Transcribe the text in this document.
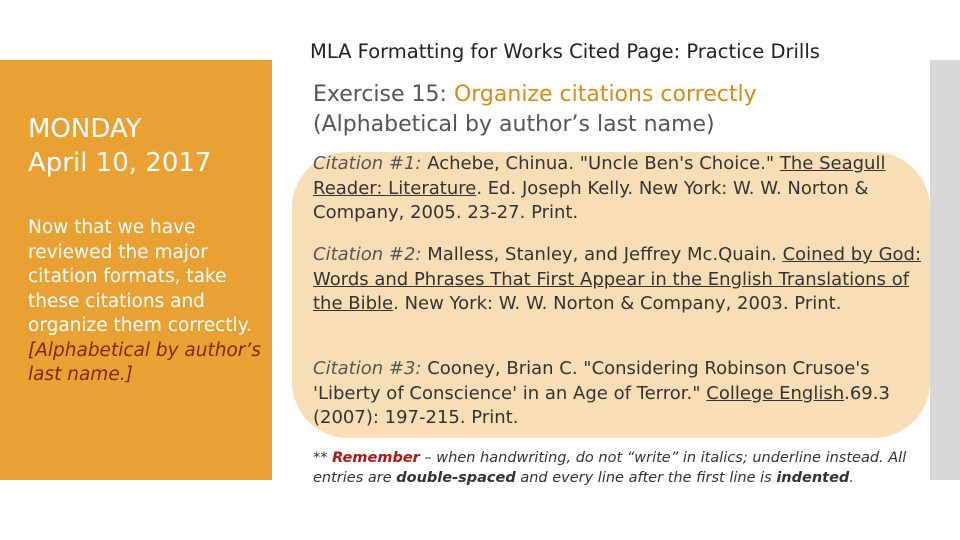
MLA Formatting for Works Cited Page: Practice Drills
MONDAY
April 10, 2017
Now that we have reviewed the major citation formats, take these citations and organize them correctly.
[Alphabetical by author’s last name.]
Exercise 15: Organize citations correctly
(Alphabetical by author’s last name)
Citation #1: Achebe, Chinua. "Uncle Ben's Choice." The Seagull Reader: Literature. Ed. Joseph Kelly. New York: W. W. Norton & Company, 2005. 23-27. Print.
Citation #2: Malless, Stanley, and Jeffrey Mc.Quain. Coined by God: Words and Phrases That First Appear in the English Translations of the Bible. New York: W. W. Norton & Company, 2003. Print.
Citation #3: Cooney, Brian C. "Considering Robinson Crusoe's 'Liberty of Conscience' in an Age of Terror." College English.69.3 (2007): 197-215. Print.
** Remember – when handwriting, do not “write” in italics; underline instead. All entries are double-spaced and every line after the first line is indented.
